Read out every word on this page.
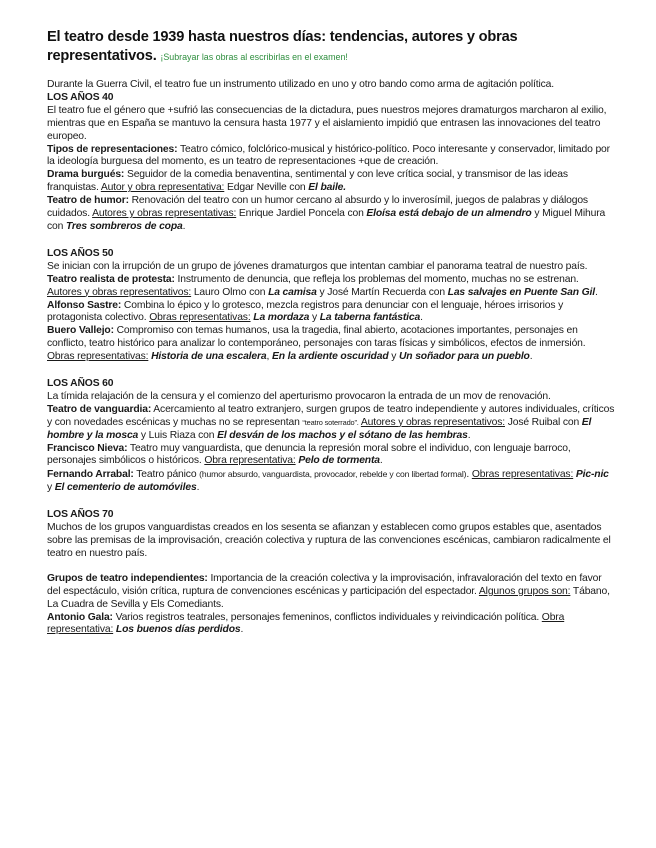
El teatro desde 1939 hasta nuestros días: tendencias, autores y obras representativos. ¡Subrayar las obras al escribirlas en el examen!

Durante la Guerra Civil, el teatro fue un instrumento utilizado en uno y otro bando como arma de agitación política.

LOS AÑOS 40

El teatro fue el género que +sufrió las consecuencias de la dictadura, pues nuestros mejores dramaturgos marcharon al exilio, mientras que en España se mantuvo la censura hasta 1977 y el aislamiento impidió que entrasen las innovaciones del teatro europeo.

Tipos de representaciones: Teatro cómico, folclórico-musical y histórico-político. Poco interesante y conservador, limitado por la ideología burguesa del momento, es un teatro de representaciones +que de creación.

Drama burgués: Seguidor de la comedia benaventina, sentimental y con leve crítica social, y transmisor de las ideas franquistas. Autor y obra representativa: Edgar Neville con El baile.

Teatro de humor: Renovación del teatro con un humor cercano al absurdo y lo inverosímil, juegos de palabras y diálogos cuidados. Autores y obras representativas: Enrique Jardiel Poncela con Eloísa está debajo de un almendro y Miguel Mihura con Tres sombreros de copa.

LOS AÑOS 50

Se inician con la irrupción de un grupo de jóvenes dramaturgos que intentan cambiar el panorama teatral de nuestro país.

Teatro realista de protesta: Instrumento de denuncia, que refleja los problemas del momento, muchas no se estrenan. Autores y obras representativos: Lauro Olmo con La camisa y José Martín Recuerda con Las salvajes en Puente San Gil.

Alfonso Sastre: Combina lo épico y lo grotesco, mezcla registros para denunciar con el lenguaje, héroes irrisorios y protagonista colectivo. Obras representativas: La mordaza y La taberna fantástica.

Buero Vallejo: Compromiso con temas humanos, usa la tragedia, final abierto, acotaciones importantes, personajes en conflicto, teatro histórico para analizar lo contemporáneo, personajes con taras físicas y simbólicos, efectos de inmersión. Obras representativas: Historia de una escalera, En la ardiente oscuridad y Un soñador para un pueblo.

LOS AÑOS 60

La tímida relajación de la censura y el comienzo del aperturismo provocaron la entrada de un mov de renovación.

Teatro de vanguardia: Acercamiento al teatro extranjero, surgen grupos de teatro independiente y autores individuales, críticos y con novedades escénicas y muchas no se representan “teatro soterrado”. Autores y obras representativos: José Ruibal con El hombre y la mosca y Luis Riaza con El desván de los machos y el sótano de las hembras.

Francisco Nieva: Teatro muy vanguardista, que denuncia la represión moral sobre el individuo, con lenguaje barroco, personajes simbólicos o históricos. Obra representativa: Pelo de tormenta.

Fernando Arrabal: Teatro pánico (humor absurdo, vanguardista, provocador, rebelde y con libertad formal). Obras representativas: Pic-nic y El cementerio de automóviles.

LOS AÑOS 70

Muchos de los grupos vanguardistas creados en los sesenta se afianzan y establecen como grupos estables que, asentados sobre las premisas de la improvisación, creación colectiva y ruptura de las convenciones escénicas, cambiaron radicalmente el teatro en nuestro país.

Grupos de teatro independientes: Importancia de la creación colectiva y la improvisación, infravaloración del texto en favor del espectáculo, visión crítica, ruptura de convenciones escénicas y participación del espectador. Algunos grupos son: Tábano, La Cuadra de Sevilla y Els Comediants.

Antonio Gala: Varios registros teatrales, personajes femeninos, conflictos individuales y reivindicación política. Obra representativa: Los buenos días perdidos.
